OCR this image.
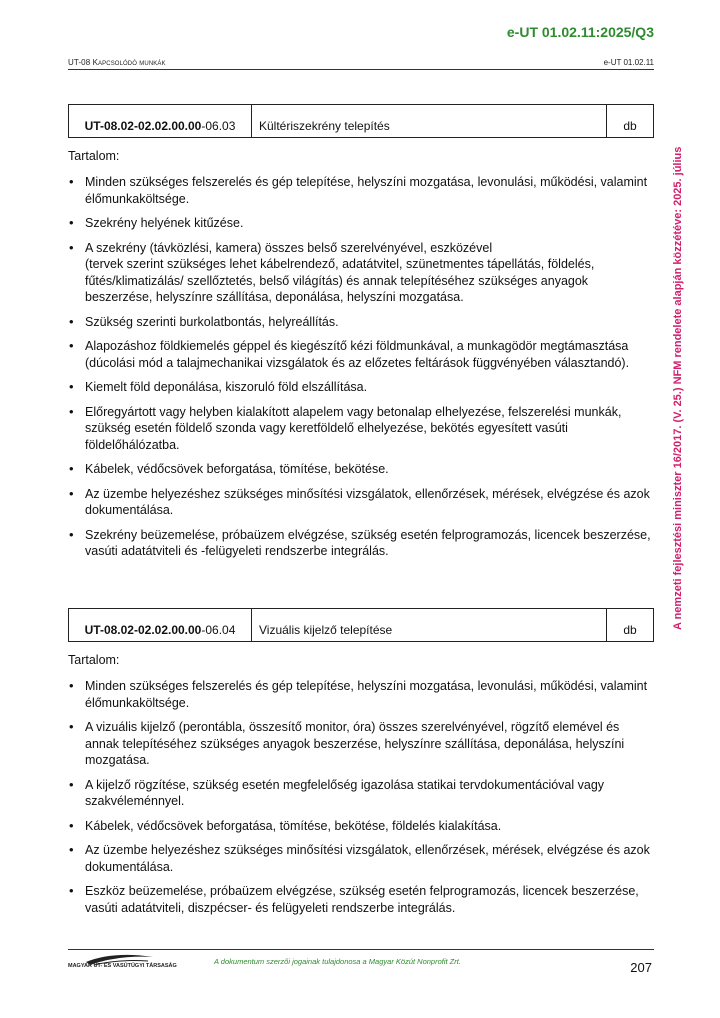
e-UT 01.02.11:2025/Q3
UT-08 Kapcsolódó munkák	e-UT 01.02.11
A nemzeti fejlesztési miniszter 16/2017. (V. 25.) NFM rendelete alapján közzétéve: 2025. július
UT-08.02-02.02.00.00-06.03 Kültériszekrény telepítés	db
Tartalom:
• Minden szükséges felszerelés és gép telepítése, helyszíni mozgatása, levonulási, működési, valamint élőmunkaköltsége.
• Szekrény helyének kitűzése.
• A szekrény (távközlési, kamera) összes belső szerelvényével, eszközével
(tervek szerint szükséges lehet kábelrendező, adatátvitel, szünetmentes tápellátás, földelés, fűtés/klimatizálás/ szellőztetés, belső világítás) és annak telepítéséhez szükséges anyagok beszerzése, helyszínre szállítása, deponálása, helyszíni mozgatása.
• Szükség szerinti burkolatbontás, helyreállítás.
• Alapozáshoz földkiemelés géppel és kiegészítő kézi földmunkával, a munkagödör megtámasztása (dúcolási mód a talajmechanikai vizsgálatok és az előzetes feltárások függvényében választandó).
• Kiemelt föld deponálása, kiszoruló föld elszállítása.
• Előregyártott vagy helyben kialakított alapelem vagy betonalap elhelyezése, felszerelési munkák, szükség esetén földelő szonda vagy keretföldelő elhelyezése, bekötés egyesített vasúti földelőhálózatba.
• Kábelek, védőcsövek beforgatása, tömítése, bekötése.
• Az üzembe helyezéshez szükséges minősítési vizsgálatok, ellenőrzések, mérések, elvégzése és azok dokumentálása.
• Szekrény beüzemelése, próbaüzem elvégzése, szükség esetén felprogramozás, licencek beszerzése, vasúti adatátviteli és -felügyeleti rendszerbe integrálás.
UT-08.02-02.02.00.00-06.04 Vizuális kijelző telepítése	db
Tartalom:
• Minden szükséges felszerelés és gép telepítése, helyszíni mozgatása, levonulási, működési, valamint élőmunkaköltsége.
• A vizuális kijelző (perontábla, összesítő monitor, óra) összes szerelvényével, rögzítő elemével és annak telepítéséhez szükséges anyagok beszerzése, helyszínre szállítása, deponálása, helyszíni mozgatása.
• A kijelző rögzítése, szükség esetén megfelelőség igazolása statikai tervdokumentációval vagy szakvéleménnyel.
• Kábelek, védőcsövek beforgatása, tömítése, bekötése, földelés kialakítása.
• Az üzembe helyezéshez szükséges minősítési vizsgálatok, ellenőrzések, mérések, elvégzése és azok dokumentálása.
• Eszköz beüzemelése, próbaüzem elvégzése, szükség esetén felprogramozás, licencek beszerzése, vasúti adatátviteli, diszpécser- és felügyeleti rendszerbe integrálás.
MAGYAR ÚT- ÉS VASÚTÜGYI TÁRSASÁG	A dokumentum szerzői jogainak tulajdonosa a Magyar Közút Nonprofit Zrt.	207
